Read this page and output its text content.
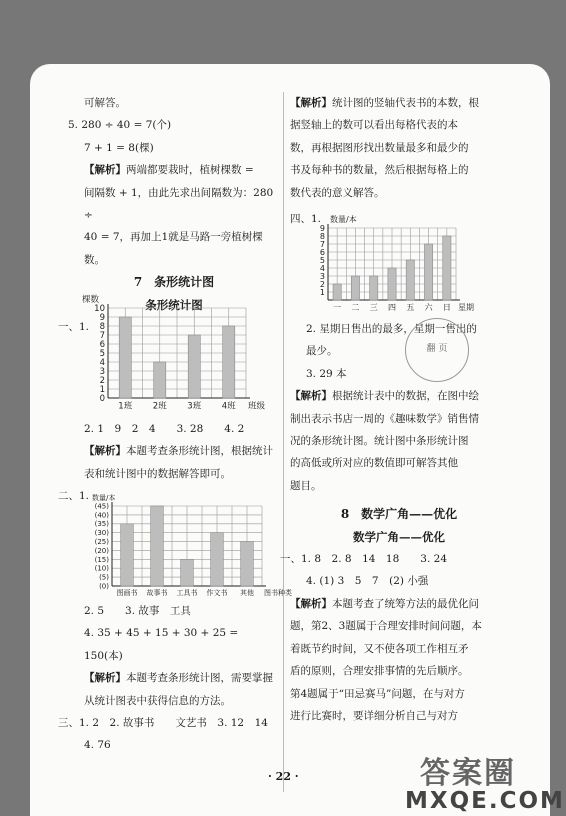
可解答。

5. 280 ÷ 40 = 7(个)

7 + 1 = 8(棵)

【解析】两端都要栽时，植树棵数 =

间隔数 + 1，由此先求出间隔数为：280 ÷

40 = 7，再加上1就是马路一旁植树棵数。

7　条形统计图

条形统计图

一、1.

0
1
2
3
4
5
6
7
8
9
10
棵数
1班 2班 3班 4班 班级

2. 1　9　2　4　　3. 28　　4. 2

【解析】本题考查条形统计图，根据统计

表和统计图中的数据解答即可。

二、1.

(0)
(5)
(10)
(15)
(20)
(25)
(30)
(35)
(40)
(45)
数量/本
图画书 故事书 工具书 作文书 其他 图书种类

2. 5　　3. 故事　工具

4. 35 + 45 + 15 + 30 + 25 = 150(本)

【解析】本题考查条形统计图，需要掌握

从统计图表中获得信息的方法。

三、1. 2　2. 故事书　　文艺书　3. 12　14

4. 76

【解析】统计图的竖轴代表书的本数，根

据竖轴上的数可以看出每格代表的本

数，再根据图形找出数量最多和最少的

书及每种书的数量，然后根据每格上的

数代表的意义解答。

四、1.

1
2
3
4
5
6
7
8
9
数量/本
一 二 三 四 五 六 日 星期

2. 星期日售出的最多，星期一售出的

最少。

3. 29 本

【解析】根据统计表中的数据，在图中绘

制出表示书店一周的《趣味数学》销售情

况的条形统计图。统计图中条形统计图

的高低或所对应的数值即可解答其他

题目。

8　数学广角——优化

数学广角——优化

一、1. 8　2. 8　14　18　　3. 24

4. (1) 3　5　7　(2) 小强

【解析】本题考查了统筹方法的最优化问

题，第2、3题属于合理安排时间问题，本

着既节约时间，又不使各项工作相互矛

盾的原则，合理安排事情的先后顺序。

第4题属于“田忌赛马”问题，在与对方

进行比赛时，要详细分析自己与对方

翻 页
· 22 ·	答案圈
MXQE.COM
